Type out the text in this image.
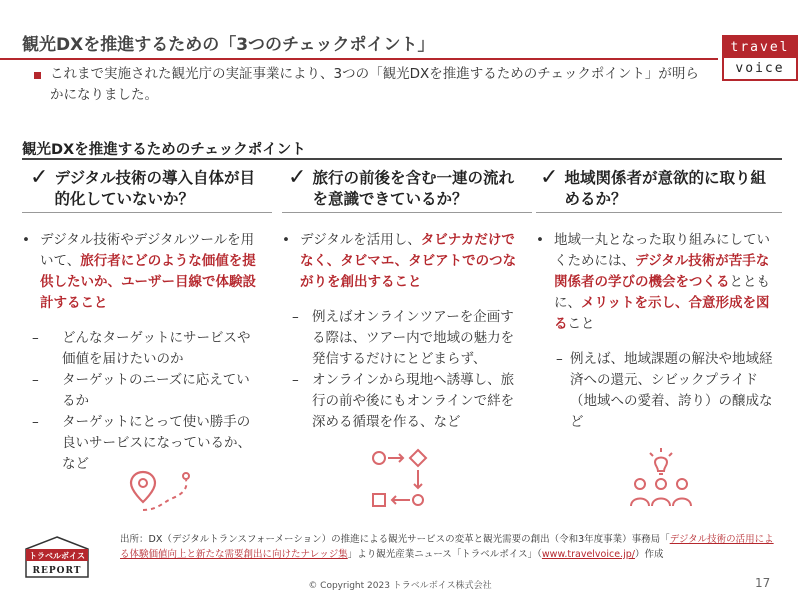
観光DXを推進するための「3つのチェックポイント」	travel
voice
これまで実施された観光庁の実証事業により、3つの「観光DXを推進するためのチェックポイント」が明らかになりました。
観光DXを推進するためのチェックポイント
✓ デジタル技術の導入自体が目的化していないか？
• デジタル技術やデジタルツールを用いて、旅行者にどのような価値を提供したいか、ユーザー目線で体験設計すること
–	どんなターゲットにサービスや価値を届けたいのか
–	ターゲットのニーズに応えているか
–	ターゲットにとって使い勝手の良いサービスになっているか、など
✓ 旅行の前後を含む一連の流れを意識できているか？
• デジタルを活用し、タビナカだけでなく、タビマエ、タビアトでのつながりを創出すること
– 例えばオンラインツアーを企画する際は、ツアー内で地域の魅力を発信するだけにとどまらず、
– オンラインから現地へ誘導し、旅行の前や後にもオンラインで絆を深める循環を作る、など
✓ 地域関係者が意欲的に取り組めるか？
• 地域一丸となった取り組みにしていくためには、デジタル技術が苦手な関係者の学びの機会をつくるとともに、メリットを示し、合意形成を図ること
– 例えば、地域課題の解決や地域経済への還元、シビックプライド（地域への愛着、誇り）の醸成など
トラベルボイス
REPORT
出所：DX（デジタルトランスフォーメーション）の推進による観光サービスの変革と観光需要の創出（令和3年度事業）事務局「デジタル技術の活用による体験価値向上と新たな需要創出に向けたナレッジ集」より観光産業ニュース「トラベルボイス」（www.travelvoice.jp/）作成
© Copyright 2023 トラベルボイス株式会社	17
